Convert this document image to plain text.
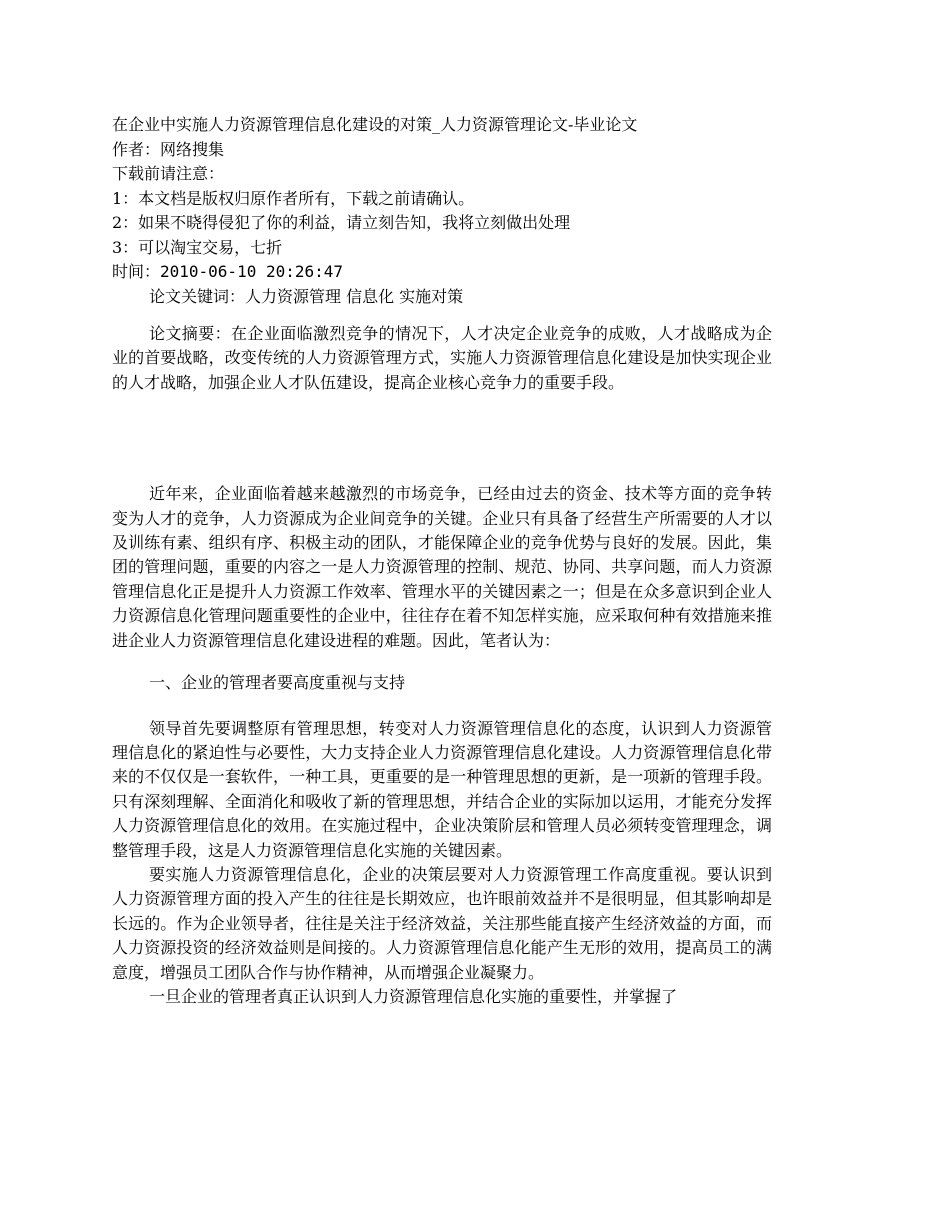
在企业中实施人力资源管理信息化建设的对策_人力资源管理论文-毕业论文

作者：网络搜集

下载前请注意：

1：本文档是版权归原作者所有，下载之前请确认。

2：如果不晓得侵犯了你的利益，请立刻告知，我将立刻做出处理

3：可以淘宝交易，七折

时间：2010-06-10 20:26:47

论文关键词：人力资源管理 信息化 实施对策

论文摘要：在企业面临激烈竞争的情况下，人才决定企业竞争的成败，人才战略成为企业的首要战略，改变传统的人力资源管理方式，实施人力资源管理信息化建设是加快实现企业的人才战略，加强企业人才队伍建设，提高企业核心竞争力的重要手段。

近年来，企业面临着越来越激烈的市场竞争，已经由过去的资金、技术等方面的竞争转变为人才的竞争，人力资源成为企业间竞争的关键。企业只有具备了经营生产所需要的人才以及训练有素、组织有序、积极主动的团队，才能保障企业的竞争优势与良好的发展。因此，集团的管理问题，重要的内容之一是人力资源管理的控制、规范、协同、共享问题，而人力资源管理信息化正是提升人力资源工作效率、管理水平的关键因素之一；但是在众多意识到企业人力资源信息化管理问题重要性的企业中，往往存在着不知怎样实施，应采取何种有效措施来推进企业人力资源管理信息化建设进程的难题。因此，笔者认为：

一、企业的管理者要高度重视与支持

领导首先要调整原有管理思想，转变对人力资源管理信息化的态度，认识到人力资源管理信息化的紧迫性与必要性，大力支持企业人力资源管理信息化建设。人力资源管理信息化带来的不仅仅是一套软件，一种工具，更重要的是一种管理思想的更新，是一项新的管理手段。只有深刻理解、全面消化和吸收了新的管理思想，并结合企业的实际加以运用，才能充分发挥人力资源管理信息化的效用。在实施过程中，企业决策阶层和管理人员必须转变管理理念，调整管理手段，这是人力资源管理信息化实施的关键因素。

要实施人力资源管理信息化，企业的决策层要对人力资源管理工作高度重视。要认识到人力资源管理方面的投入产生的往往是长期效应，也许眼前效益并不是很明显，但其影响却是长远的。作为企业领导者，往往是关注于经济效益，关注那些能直接产生经济效益的方面，而人力资源投资的经济效益则是间接的。人力资源管理信息化能产生无形的效用，提高员工的满意度，增强员工团队合作与协作精神，从而增强企业凝聚力。

一旦企业的管理者真正认识到人力资源管理信息化实施的重要性，并掌握了
